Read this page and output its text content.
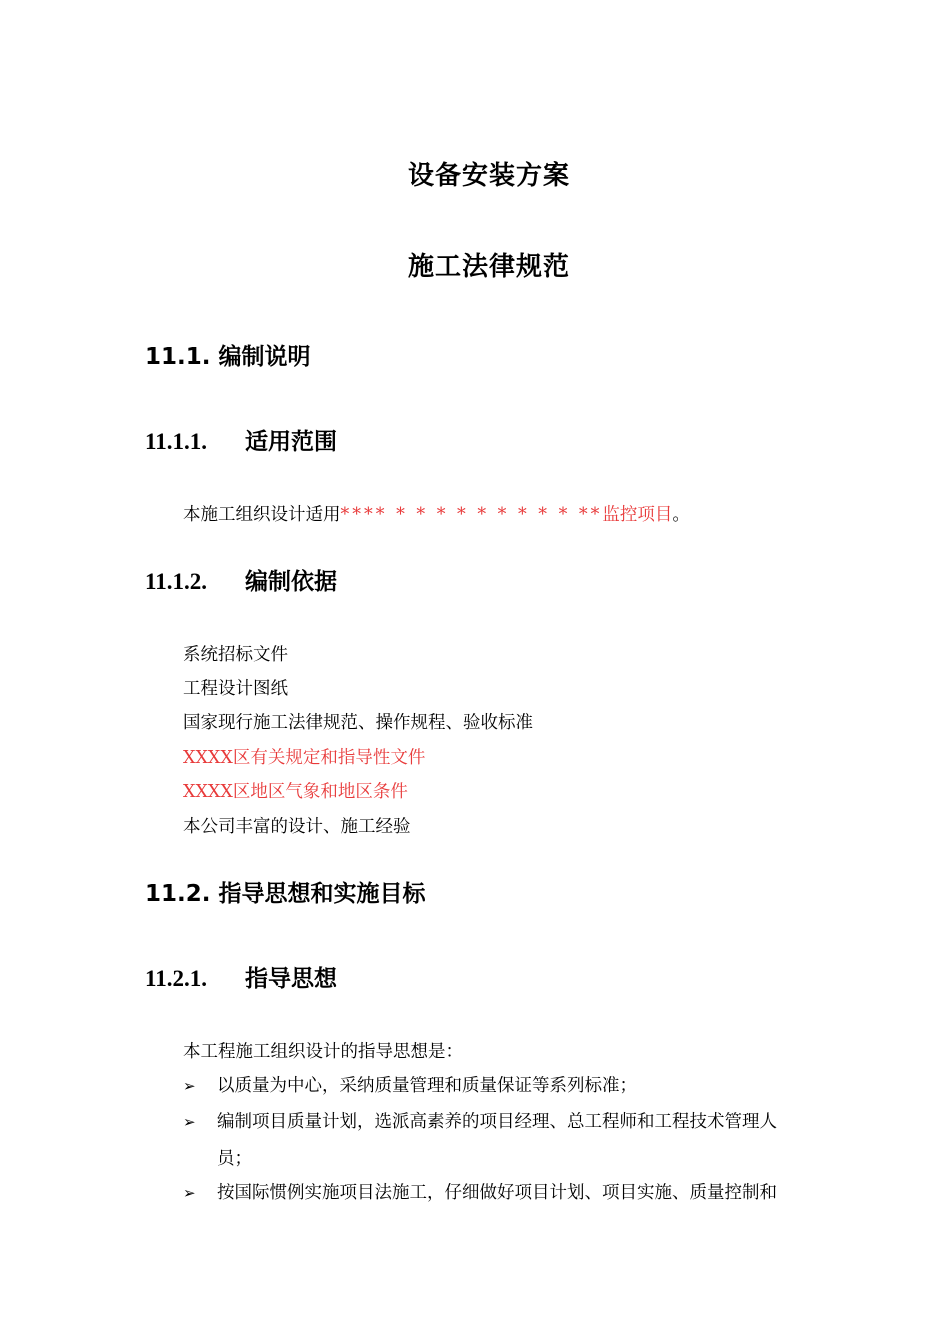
设备安装方案
施工法律规范
11.1. 编制说明
11.1.1. 适用范围
本施工组织设计适用**** * * * * * * * * * **监控项目。
11.1.2. 编制依据
系统招标文件
工程设计图纸
国家现行施工法律规范、操作规程、验收标准
XXXX区有关规定和指导性文件
XXXX区地区气象和地区条件
本公司丰富的设计、施工经验
11.2. 指导思想和实施目标
11.2.1. 指导思想
本工程施工组织设计的指导思想是：
➢ 以质量为中心，采纳质量管理和质量保证等系列标准；
➢ 编制项目质量计划，选派高素养的项目经理、总工程师和工程技术管理人
员；
➢ 按国际惯例实施项目法施工，仔细做好项目计划、项目实施、质量控制和
